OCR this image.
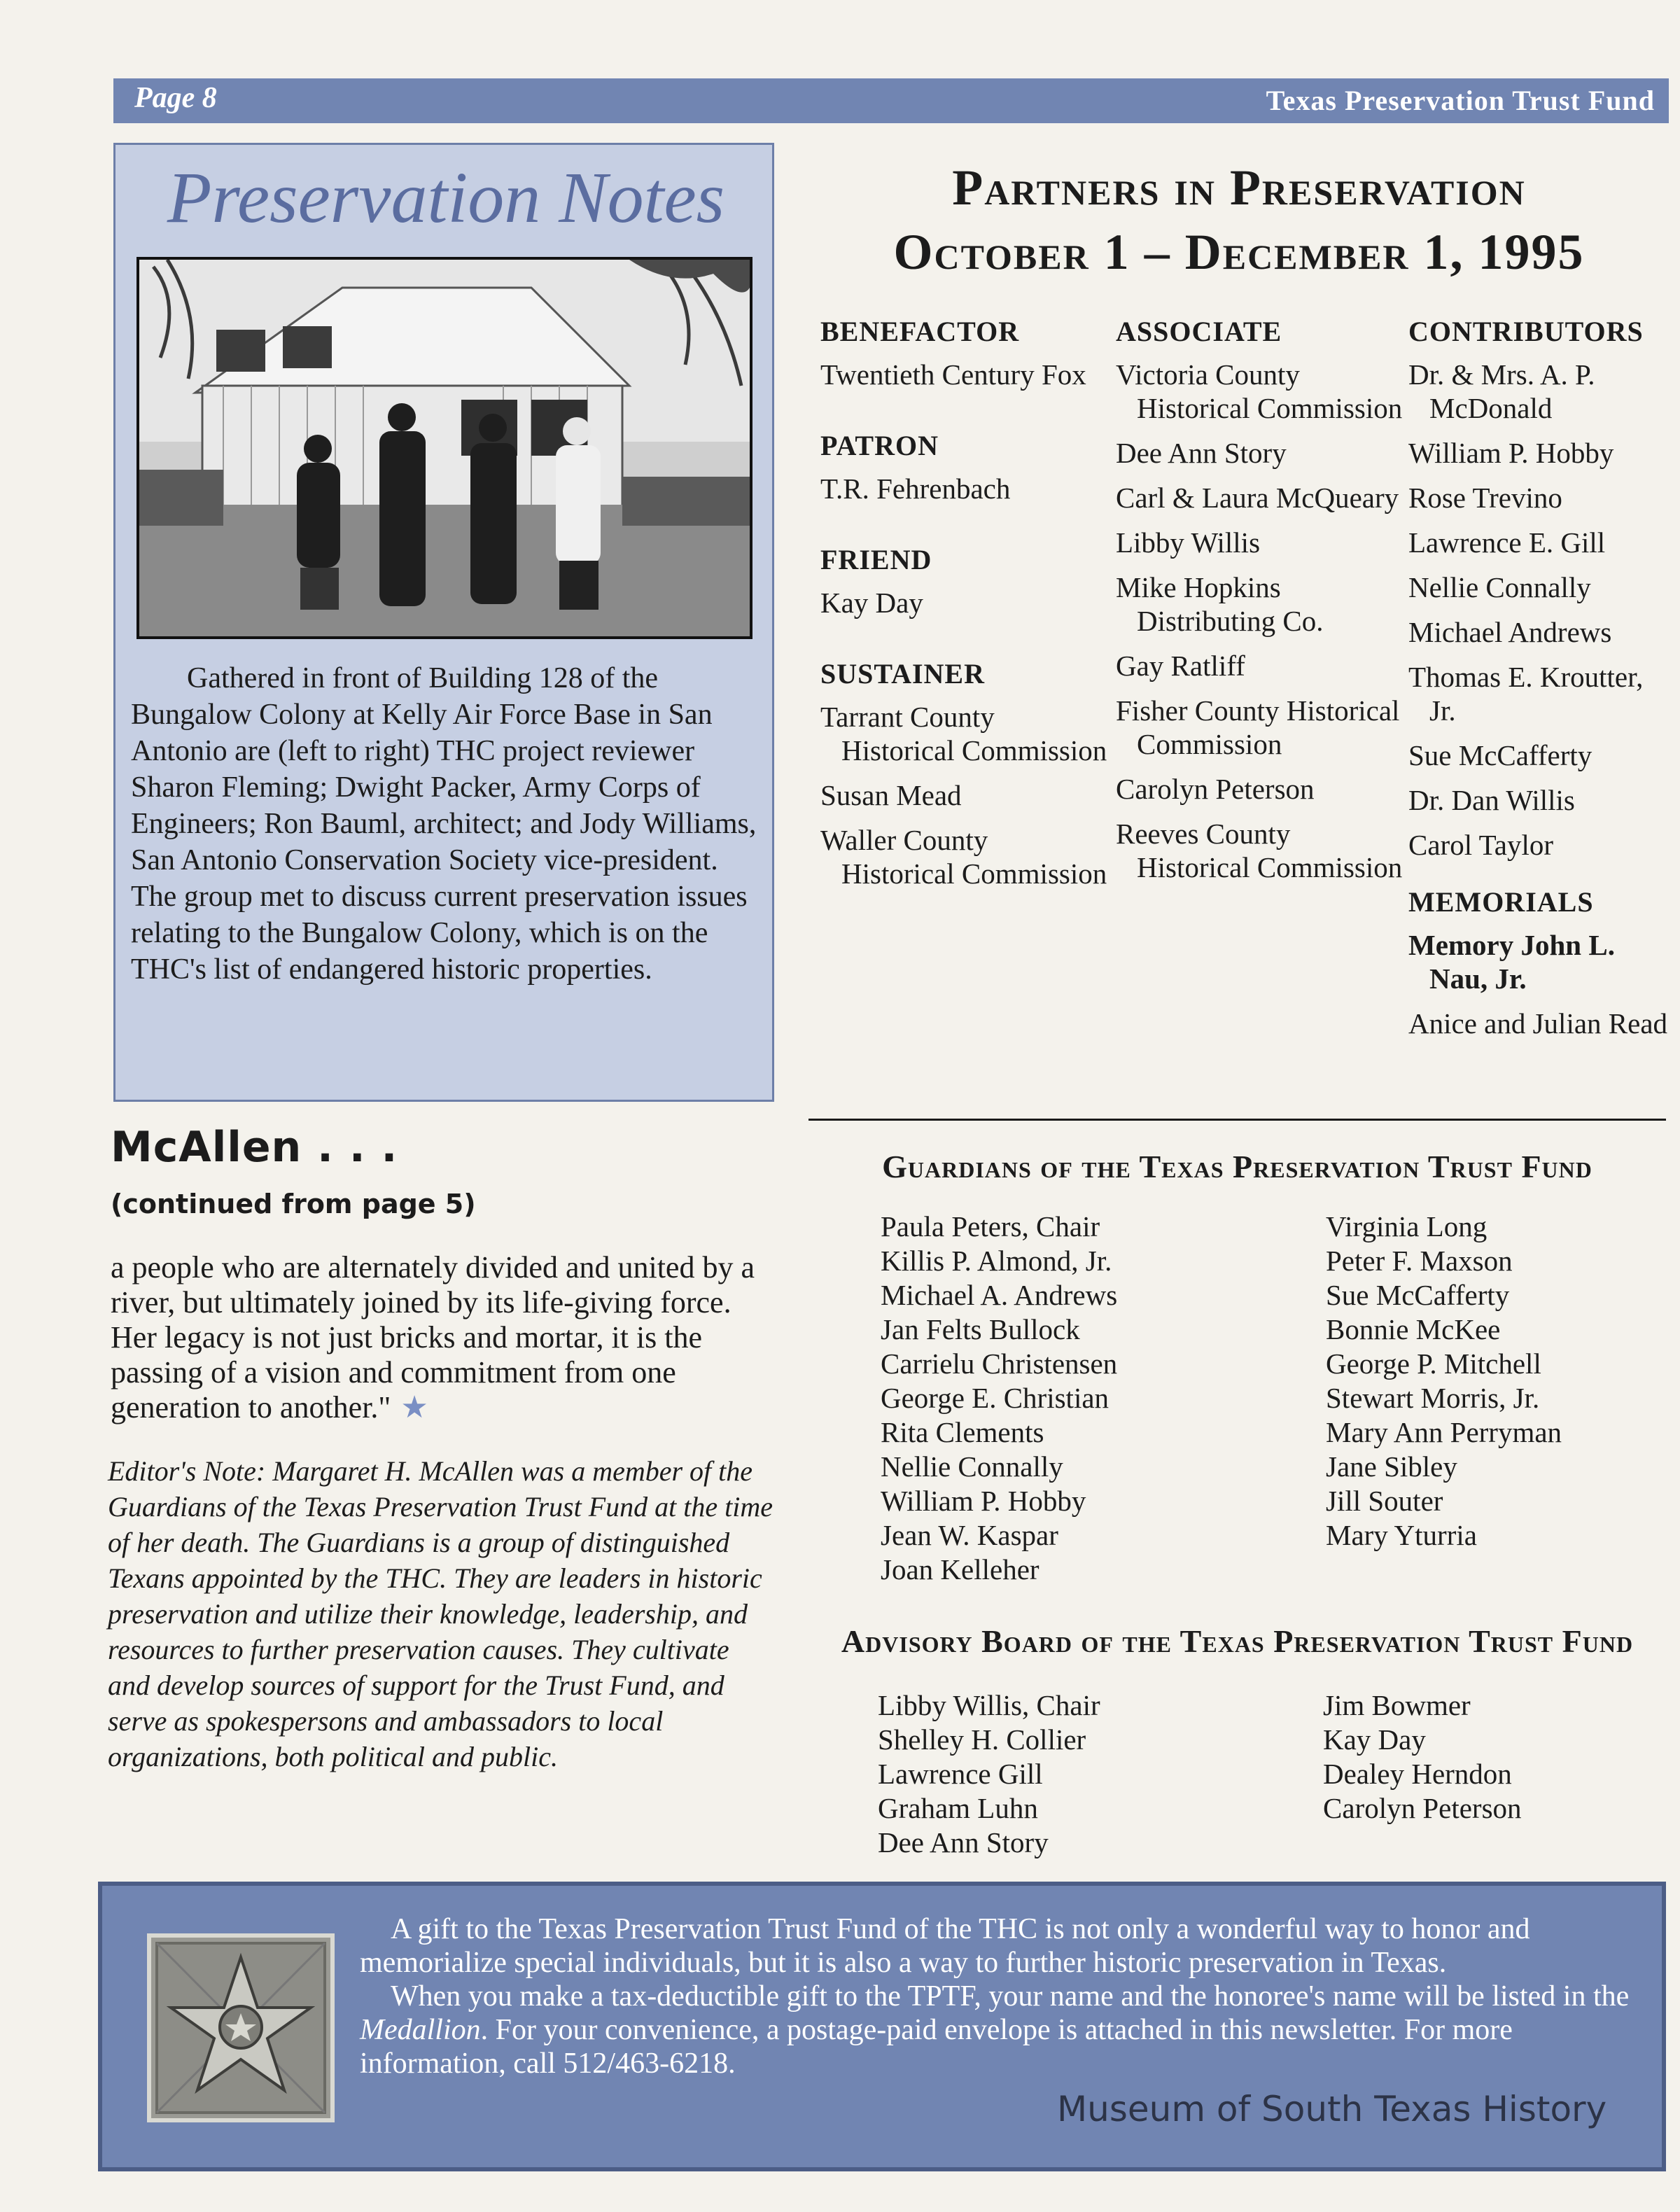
Page 8	Texas Preservation Trust Fund
Preservation Notes
Gathered in front of Building 128 of the Bungalow Colony at Kelly Air Force Base in San Antonio are (left to right) THC project reviewer Sharon Fleming; Dwight Packer, Army Corps of Engineers; Ron Bauml, architect; and Jody Williams, San Antonio Conservation Society vice-president. The group met to discuss current preservation issues relating to the Bungalow Colony, which is on the THC's list of endangered historic properties.
McAllen . . .
(continued from page 5)
a people who are alternately divided and united by a river, but ultimately joined by its life-giving force. Her legacy is not just bricks and mortar, it is the passing of a vision and commitment from one generation to another." ★
Editor's Note: Margaret H. McAllen was a member of the Guardians of the Texas Preservation Trust Fund at the time of her death. The Guardians is a group of distinguished Texans appointed by the THC. They are leaders in historic preservation and utilize their knowledge, leadership, and resources to further preservation causes. They cultivate and develop sources of support for the Trust Fund, and serve as spokespersons and ambassadors to local organizations, both political and public.
Partners in Preservation
October 1 – December 1, 1995
BENEFACTOR
Twentieth Century Fox
PATRON
T.R. Fehrenbach
FRIEND
Kay Day
SUSTAINER
Tarrant County Historical Commission
Susan Mead
Waller County Historical Commission
ASSOCIATE
Victoria County Historical Commission
Dee Ann Story
Carl & Laura McQueary
Libby Willis
Mike Hopkins Distributing Co.
Gay Ratliff
Fisher County Historical Commission
Carolyn Peterson
Reeves County Historical Commission
CONTRIBUTORS
Dr. & Mrs. A. P. McDonald
William P. Hobby
Rose Trevino
Lawrence E. Gill
Nellie Connally
Michael Andrews
Thomas E. Kroutter, Jr.
Sue McCafferty
Dr. Dan Willis
Carol Taylor
MEMORIALS
Memory John L. Nau, Jr.
Anice and Julian Read
Guardians of the Texas Preservation Trust Fund
Paula Peters, Chair
Killis P. Almond, Jr.
Michael A. Andrews
Jan Felts Bullock
Carrielu Christensen
George E. Christian
Rita Clements
Nellie Connally
William P. Hobby
Jean W. Kaspar
Joan Kelleher
Virginia Long
Peter F. Maxson
Sue McCafferty
Bonnie McKee
George P. Mitchell
Stewart Morris, Jr.
Mary Ann Perryman
Jane Sibley
Jill Souter
Mary Yturria
Advisory Board of the Texas Preservation Trust Fund
Libby Willis, Chair
Shelley H. Collier
Lawrence Gill
Graham Luhn
Dee Ann Story
Jim Bowmer
Kay Day
Dealey Herndon
Carolyn Peterson

A gift to the Texas Preservation Trust Fund of the THC is not only a wonderful way to honor and memorialize special individuals, but it is also a way to further historic preservation in Texas.

When you make a tax-deductible gift to the TPTF, your name and the honoree's name will be listed in the Medallion. For your convenience, a postage-paid envelope is attached in this newsletter. For more information, call 512/463-6218.

Museum of South Texas History
